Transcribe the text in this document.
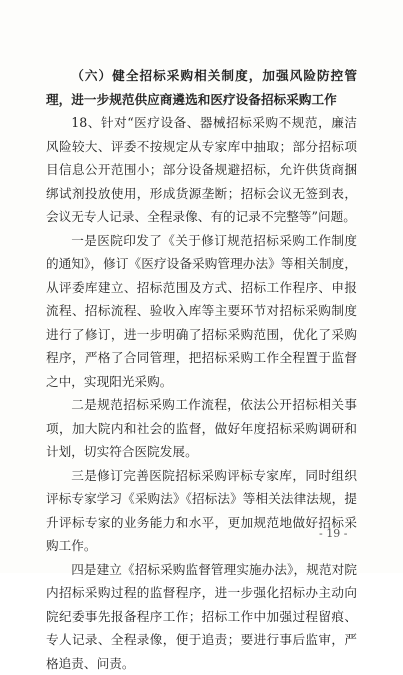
（六）健全招标采购相关制度，加强风险防控管理，进一步规范供应商遴选和医疗设备招标采购工作

18、针对“医疗设备、器械招标采购不规范，廉洁风险较大、评委不按规定从专家库中抽取；部分招标项目信息公开范围小；部分设备规避招标，允许供货商捆绑试剂投放使用，形成货源垄断；招标会议无签到表，会议无专人记录、全程录像、有的记录不完整等”问题。

一是医院印发了《关于修订规范招标采购工作制度的通知》，修订《医疗设备采购管理办法》等相关制度，从评委库建立、招标范围及方式、招标工作程序、申报流程、招标流程、验收入库等主要环节对招标采购制度进行了修订，进一步明确了招标采购范围，优化了采购程序，严格了合同管理，把招标采购工作全程置于监督之中，实现阳光采购。

二是规范招标采购工作流程，依法公开招标相关事项，加大院内和社会的监督，做好年度招标采购调研和计划，切实符合医院发展。

三是修订完善医院招标采购评标专家库，同时组织评标专家学习《采购法》《招标法》等相关法律法规，提升评标专家的业务能力和水平，更加规范地做好招标采购工作。

四是建立《招标采购监督管理实施办法》，规范对院内招标采购过程的监督程序，进一步强化招标办主动向院纪委事先报备程序工作；招标工作中加强过程留痕、专人记录、全程录像，便于追责；要进行事后监审，严格追责、问责。

- 19 -
